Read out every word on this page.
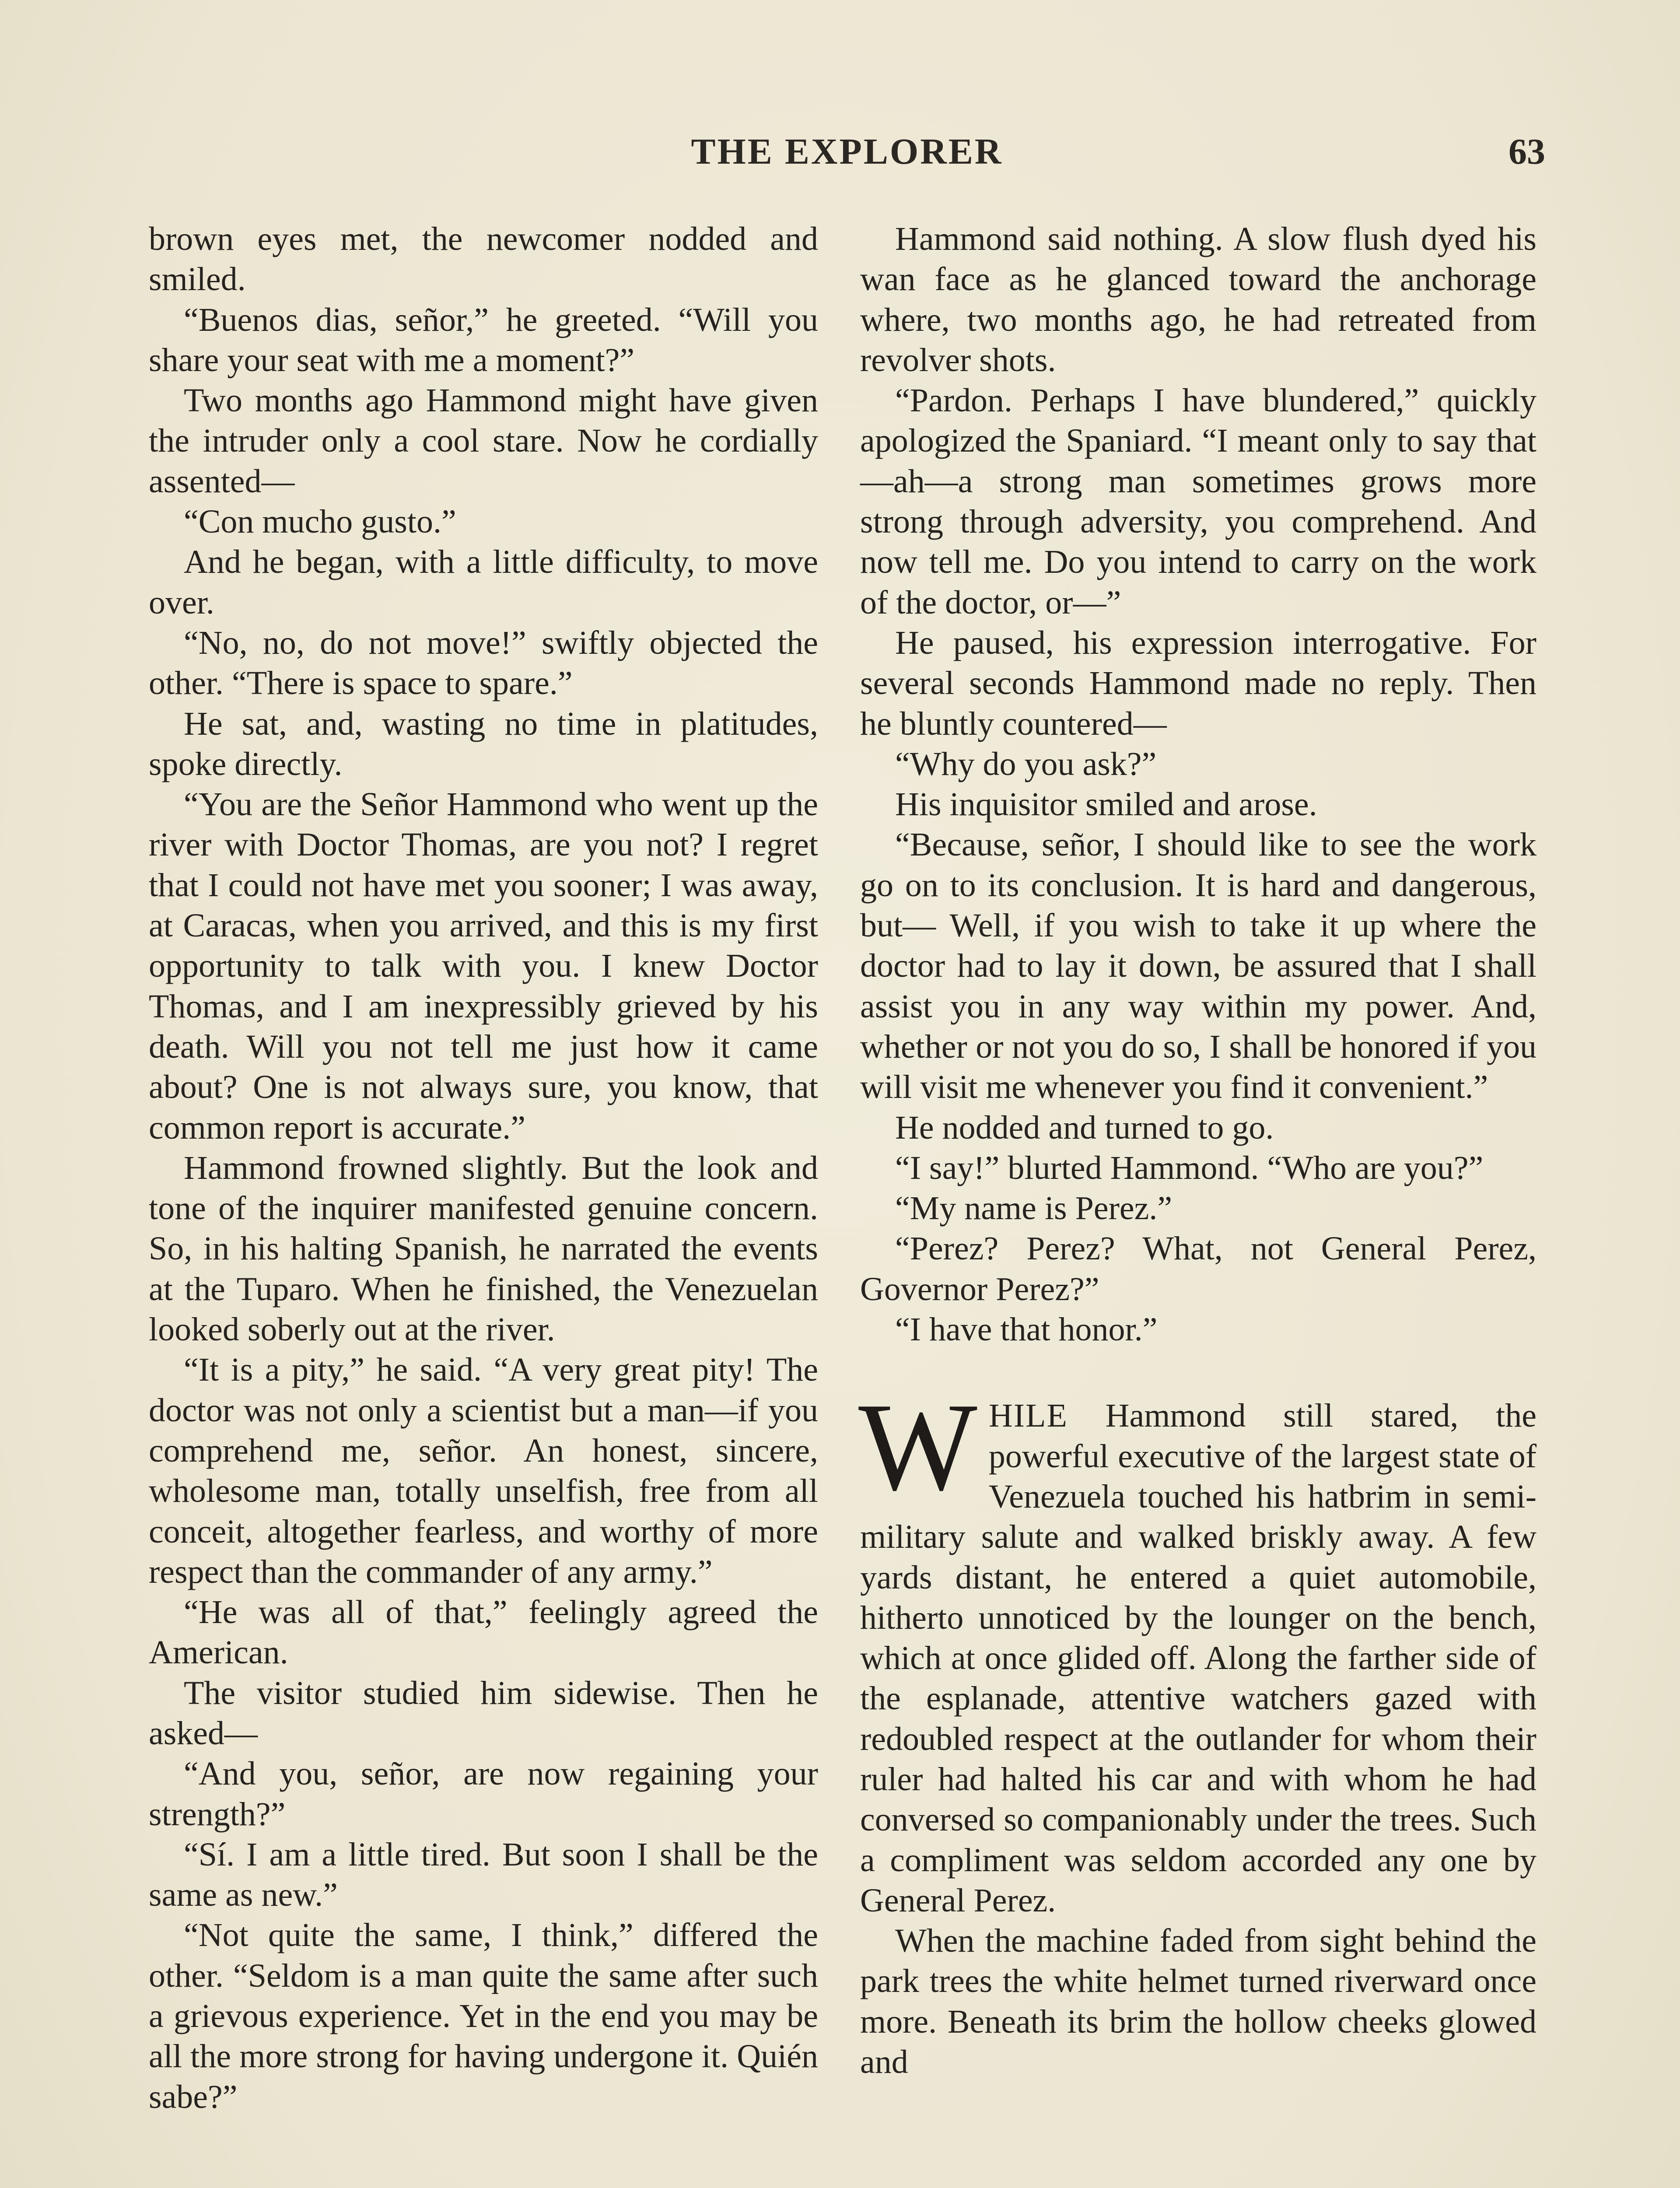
THE EXPLORER	63

brown eyes met, the newcomer nodded and smiled.

“Buenos dias, señor,” he greeted. “Will you share your seat with me a moment?”

Two months ago Hammond might have given the intruder only a cool stare. Now he cordially assented—

“Con mucho gusto.”

And he began, with a little difficulty, to move over.

“No, no, do not move!” swiftly objected the other. “There is space to spare.”

He sat, and, wasting no time in platitudes, spoke directly.

“You are the Señor Hammond who went up the river with Doctor Thomas, are you not? I regret that I could not have met you sooner; I was away, at Caracas, when you arrived, and this is my first opportunity to talk with you. I knew Doctor Thomas, and I am inexpressibly grieved by his death. Will you not tell me just how it came about? One is not always sure, you know, that common report is accurate.”

Hammond frowned slightly. But the look and tone of the inquirer manifested genuine concern. So, in his halting Spanish, he narrated the events at the Tuparo. When he finished, the Venezuelan looked soberly out at the river.

“It is a pity,” he said. “A very great pity! The doctor was not only a scientist but a man—if you comprehend me, señor. An honest, sincere, wholesome man, totally unselfish, free from all conceit, altogether fearless, and worthy of more respect than the commander of any army.”

“He was all of that,” feelingly agreed the American.

The visitor studied him sidewise. Then he asked—

“And you, señor, are now regaining your strength?”

“Sí. I am a little tired. But soon I shall be the same as new.”

“Not quite the same, I think,” differed the other. “Seldom is a man quite the same after such a grievous experience. Yet in the end you may be all the more strong for having undergone it. Quién sabe?”

Hammond said nothing. A slow flush dyed his wan face as he glanced toward the anchorage where, two months ago, he had retreated from revolver shots.

“Pardon. Perhaps I have blundered,” quickly apologized the Spaniard. “I meant only to say that—ah—a strong man sometimes grows more strong through adversity, you comprehend. And now tell me. Do you intend to carry on the work of the doctor, or—”

He paused, his expression interrogative. For several seconds Hammond made no reply. Then he bluntly countered—

“Why do you ask?”

His inquisitor smiled and arose.

“Because, señor, I should like to see the work go on to its conclusion. It is hard and dangerous, but— Well, if you wish to take it up where the doctor had to lay it down, be assured that I shall assist you in any way within my power. And, whether or not you do so, I shall be honored if you will visit me whenever you find it convenient.”

He nodded and turned to go.

“I say!” blurted Hammond. “Who are you?”

“My name is Perez.”

“Perez? Perez? What, not General Perez, Governor Perez?”

“I have that honor.”

WHILE Hammond still stared, the powerful executive of the largest state of Venezuela touched his hatbrim in semi-military salute and walked briskly away. A few yards distant, he entered a quiet automobile, hitherto unnoticed by the lounger on the bench, which at once glided off. Along the farther side of the esplanade, attentive watchers gazed with redoubled respect at the outlander for whom their ruler had halted his car and with whom he had conversed so companionably under the trees. Such a compliment was seldom accorded any one by General Perez.

When the machine faded from sight behind the park trees the white helmet turned riverward once more. Beneath its brim the hollow cheeks glowed and
